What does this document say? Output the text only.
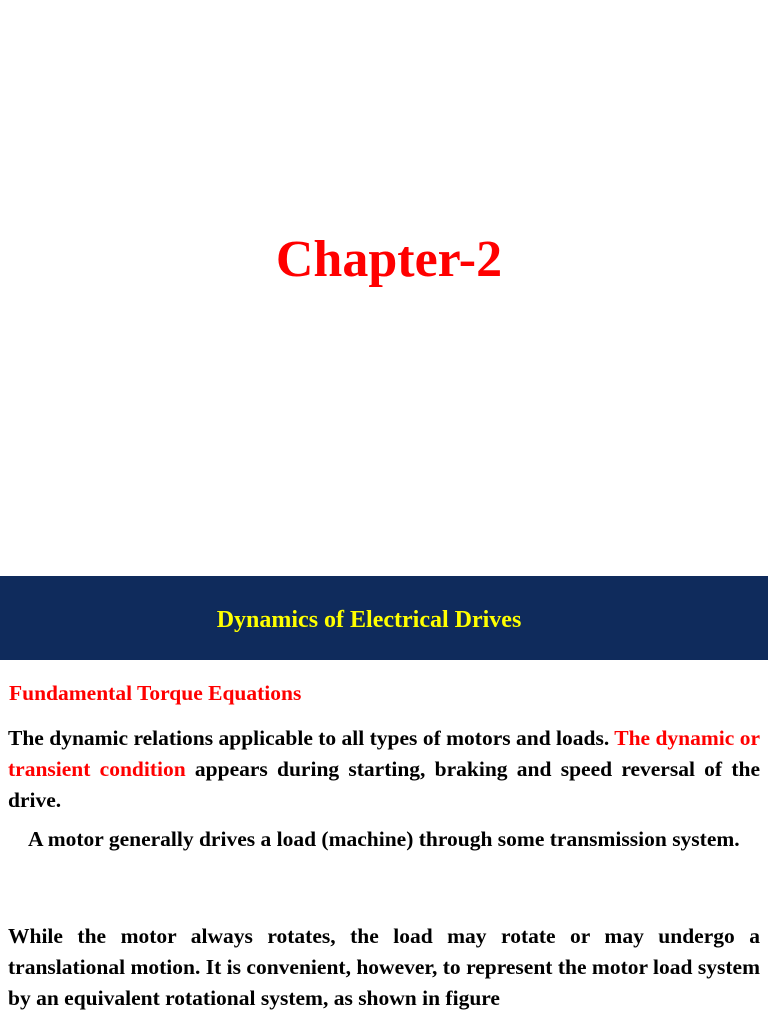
Chapter-2
Dynamics of Electrical Drives
Fundamental Torque Equations

The dynamic relations applicable to all types of motors and loads. The dynamic or transient condition appears during starting, braking and speed reversal of the drive.

A motor generally drives a load (machine) through some transmission system.

While the motor always rotates, the load may rotate or may undergo a translational motion. It is convenient, however, to represent the motor load system by an equivalent rotational system, as shown in figure
